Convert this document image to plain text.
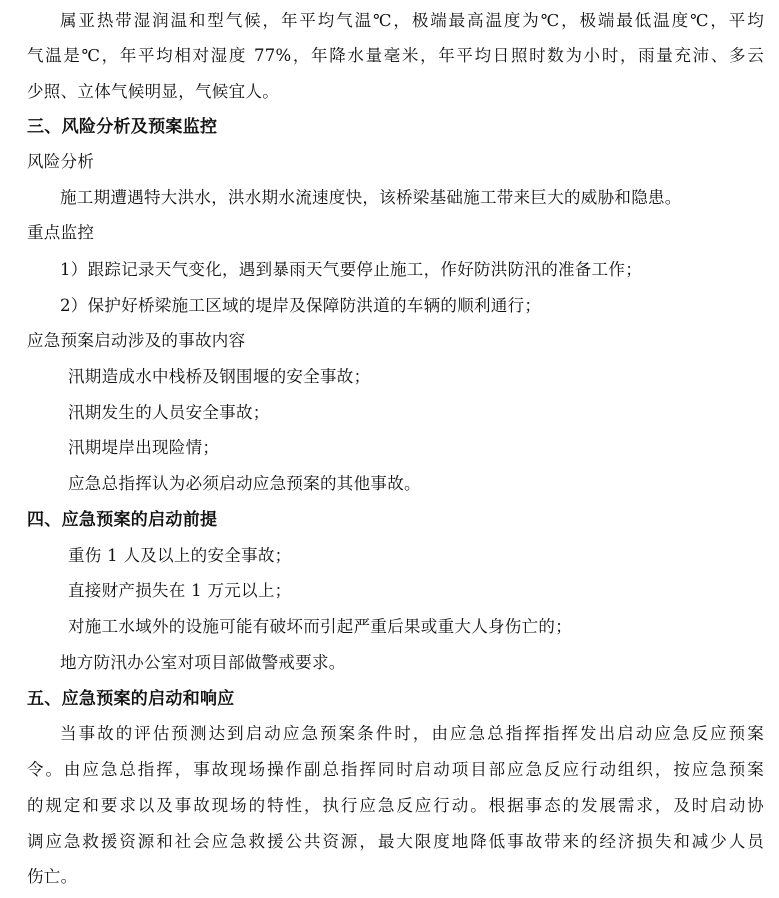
属亚热带湿润温和型气候，年平均气温℃，极端最高温度为℃，极端最低温度℃，平均
气温是℃，年平均相对湿度 77%，年降水量毫米，年平均日照时数为小时，雨量充沛、多云
少照、立体气候明显，气候宜人。
三、风险分析及预案监控
风险分析
施工期遭遇特大洪水，洪水期水流速度快，该桥梁基础施工带来巨大的威胁和隐患。
重点监控
1）跟踪记录天气变化，遇到暴雨天气要停止施工，作好防洪防汛的准备工作；
2）保护好桥梁施工区域的堤岸及保障防洪道的车辆的顺利通行；
应急预案启动涉及的事故内容
汛期造成水中栈桥及钢围堰的安全事故；
汛期发生的人员安全事故；
汛期堤岸出现险情；
应急总指挥认为必须启动应急预案的其他事故。
四、应急预案的启动前提
重伤 1 人及以上的安全事故；
直接财产损失在 1 万元以上；
对施工水域外的设施可能有破坏而引起严重后果或重大人身伤亡的；
地方防汛办公室对项目部做警戒要求。
五、应急预案的启动和响应
当事故的评估预测达到启动应急预案条件时，由应急总指挥指挥发出启动应急反应预案
令。由应急总指挥，事故现场操作副总指挥同时启动项目部应急反应行动组织，按应急预案
的规定和要求以及事故现场的特性，执行应急反应行动。根据事态的发展需求，及时启动协
调应急救援资源和社会应急救援公共资源，最大限度地降低事故带来的经济损失和减少人员
伤亡。
